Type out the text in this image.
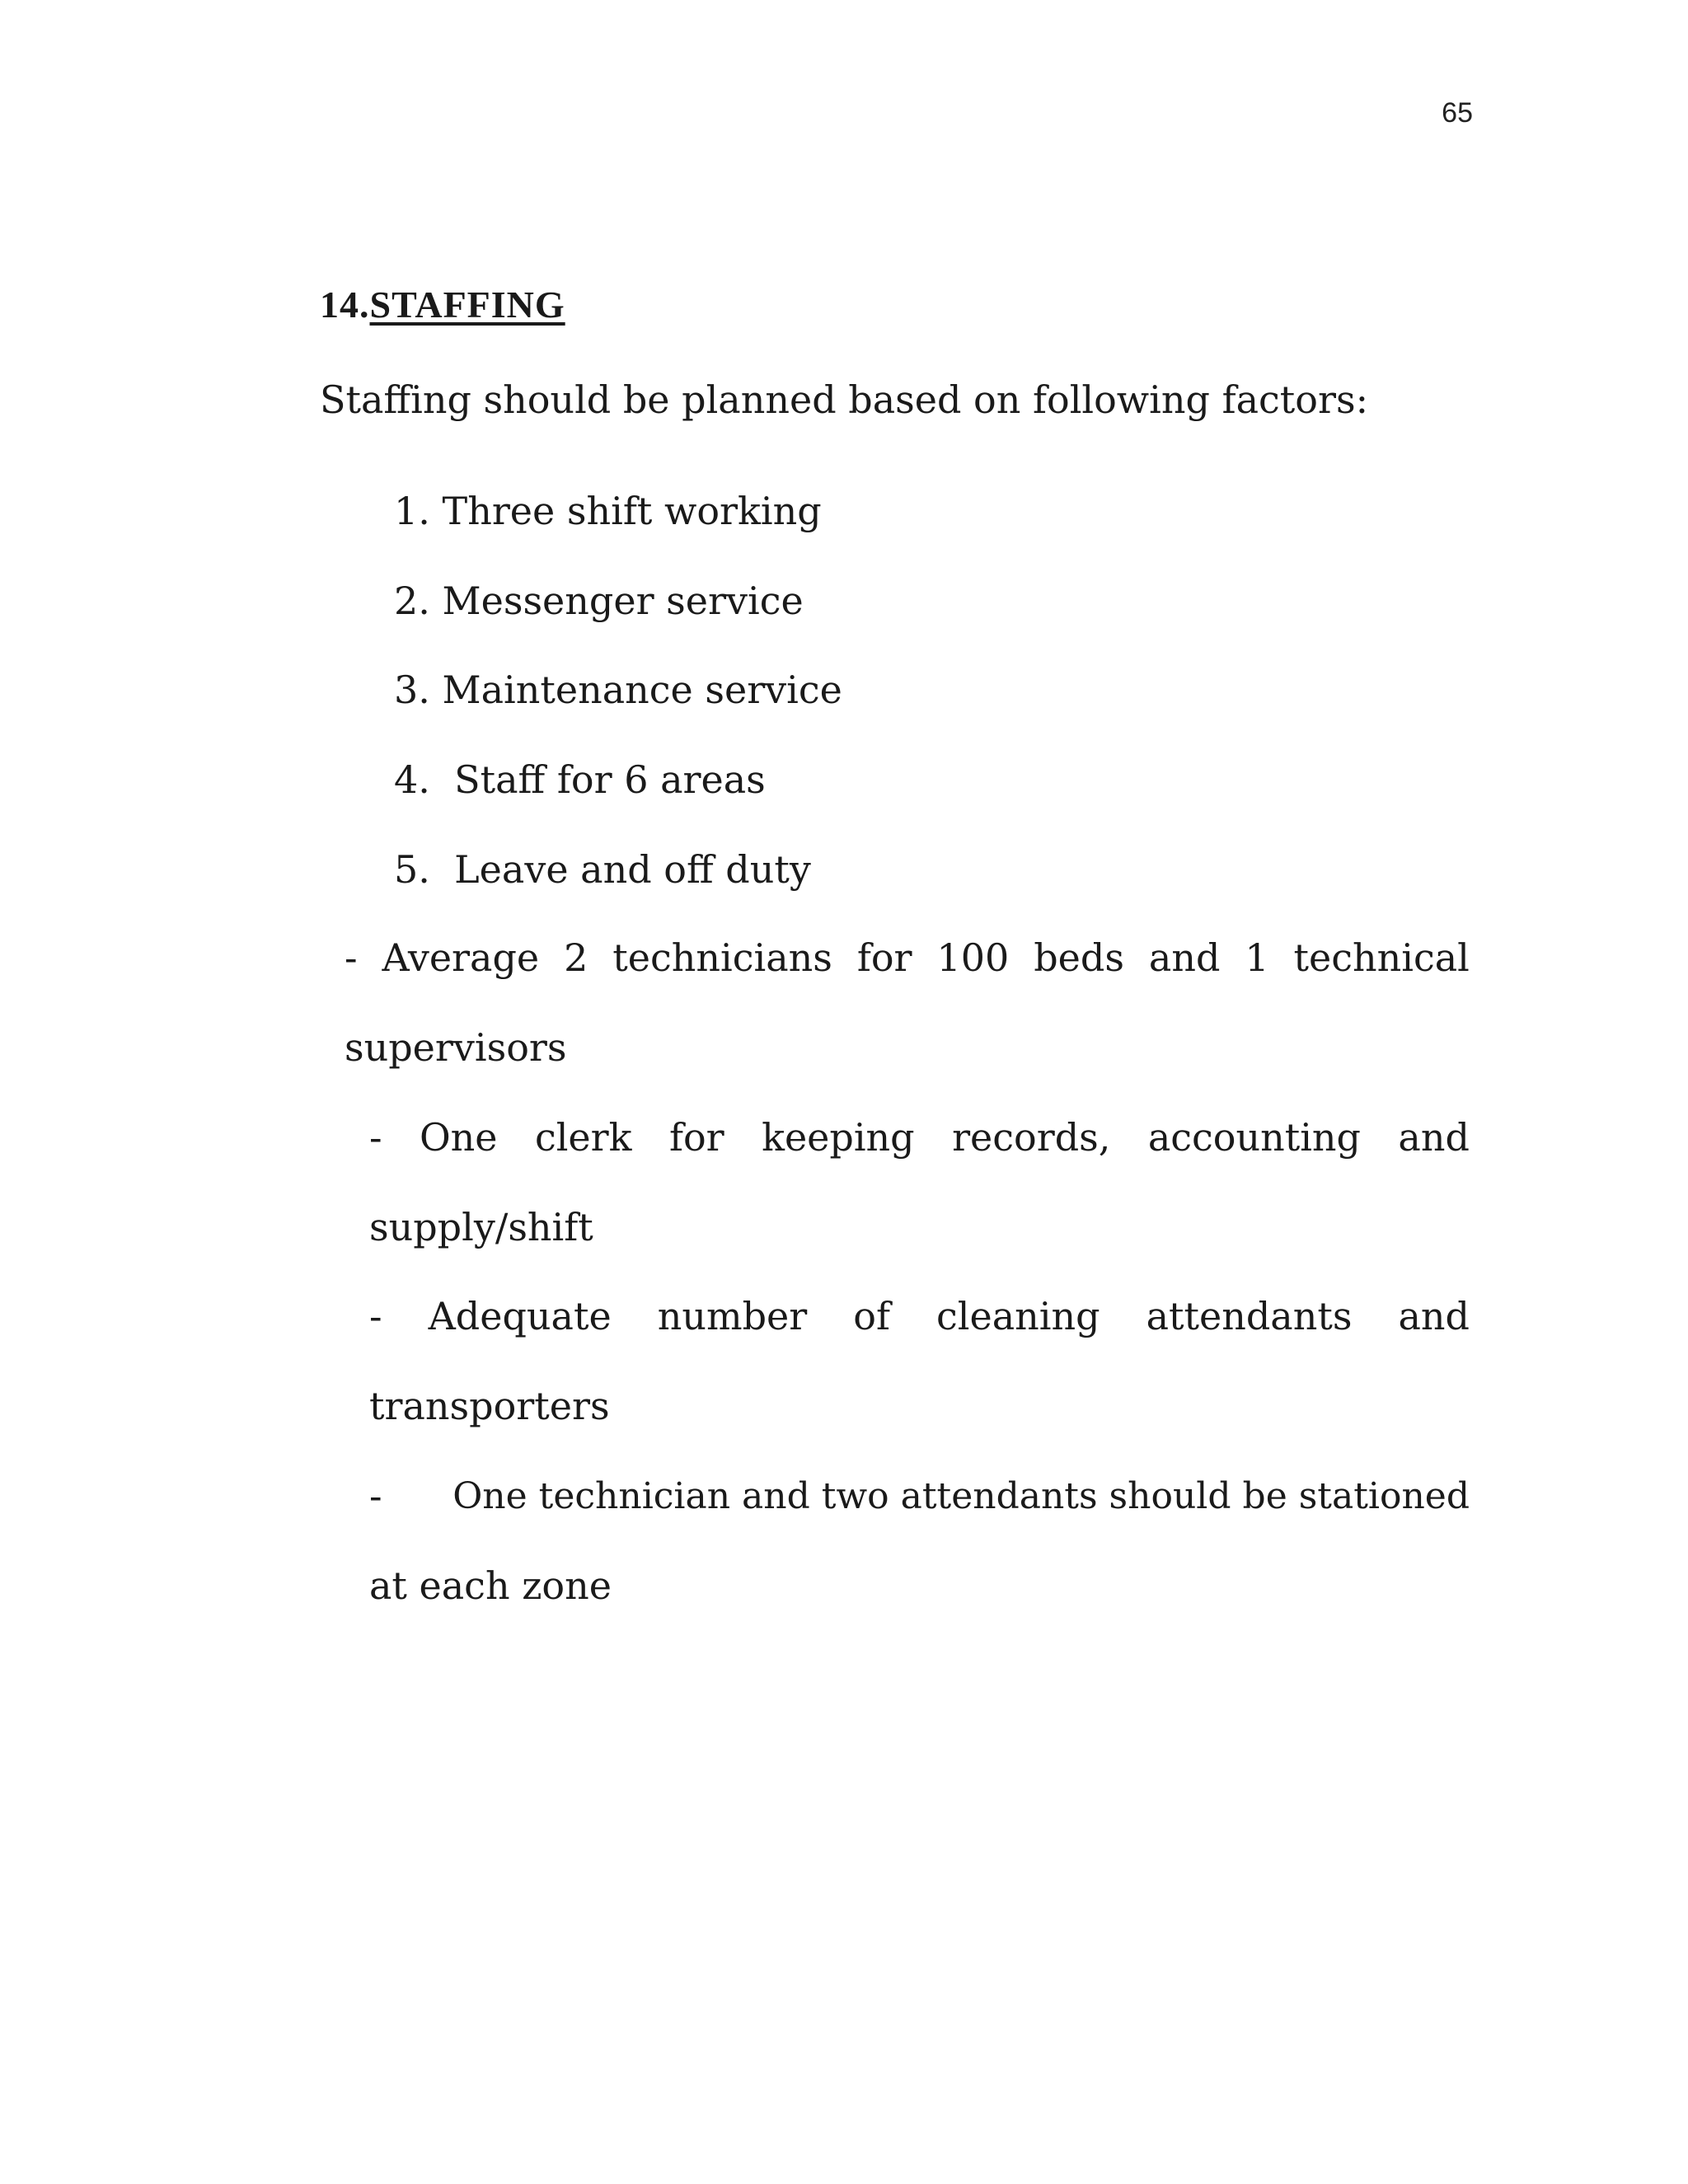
65
14.STAFFING
Staffing should be planned based on following factors:
1. Three shift working
2. Messenger service
3. Maintenance service
4.  Staff for 6 areas
5.  Leave and off duty
- Average 2 technicians for 100 beds and 1 technical
supervisors
- One clerk for keeping records, accounting and
supply/shift
- Adequate number of cleaning attendants and
transporters
- One technician and two attendants should be stationed
at each zone
